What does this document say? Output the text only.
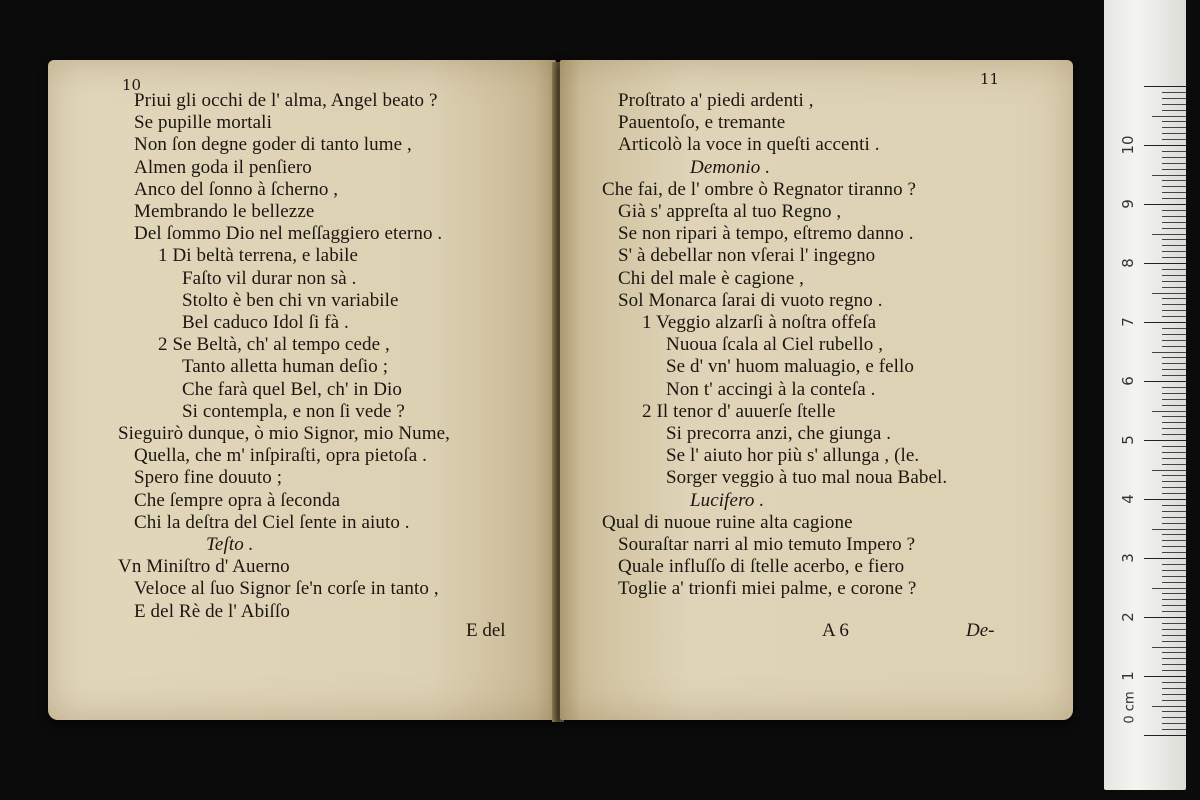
10
Priui gli occhi de l' alma, Angel beato ?
Se pupille mortali
Non ſon degne goder di tanto lume ,
Almen goda il penſiero
Anco del ſonno à ſcherno ,
Membrando le bellezze
Del ſommo Dio nel meſſaggiero eterno .
1 Di beltà terrena, e labile
Faſto vil durar non sà .
Stolto è ben chi vn variabile
Bel caduco Idol ſi fà .
2 Se Beltà, ch' al tempo cede ,
Tanto alletta human deſio ;
Che farà quel Bel, ch' in Dio
Si contempla, e non ſi vede ?
Sieguirò dunque, ò mio Signor, mio Nume,
Quella, che m' inſpiraſti, opra pietoſa .
Spero fine douuto ;
Che ſempre opra à ſeconda
Chi la deſtra del Ciel ſente in aiuto .
Teſto .
Vn Miniſtro d' Auerno
Veloce al ſuo Signor ſe'n corſe in tanto ,
E del Rè de l' Abiſſo
E del
11
Proſtrato a' piedi ardenti ,
Pauentoſo, e tremante
Articolò la voce in queſti accenti .
Demonio .
Che fai, de l' ombre ò Regnator tiranno ?
Già s' appreſta al tuo Regno ,
Se non ripari à tempo, eſtremo danno .
S' à debellar non vſerai l' ingegno
Chi del male è cagione ,
Sol Monarca ſarai di vuoto regno .
1 Veggio alzarſi à noſtra offeſa
Nuoua ſcala al Ciel rubello ,
Se d' vn' huom maluagio, e fello
Non t' accingi à la conteſa .
2 Il tenor d' auuerſe ſtelle
Si precorra anzi, che giunga .
Se l' aiuto hor più s' allunga , (le.
Sorger veggio à tuo mal noua Babel.
Lucifero .
Qual di nuoue ruine alta cagione
Souraſtar narri al mio temuto Impero ?
Quale influſſo di ſtelle acerbo, e fiero
Toglie a' trionfi miei palme, e corone ?
A 6	De-
0 cm
1
2
3
4
5
6
7
8
9
10
